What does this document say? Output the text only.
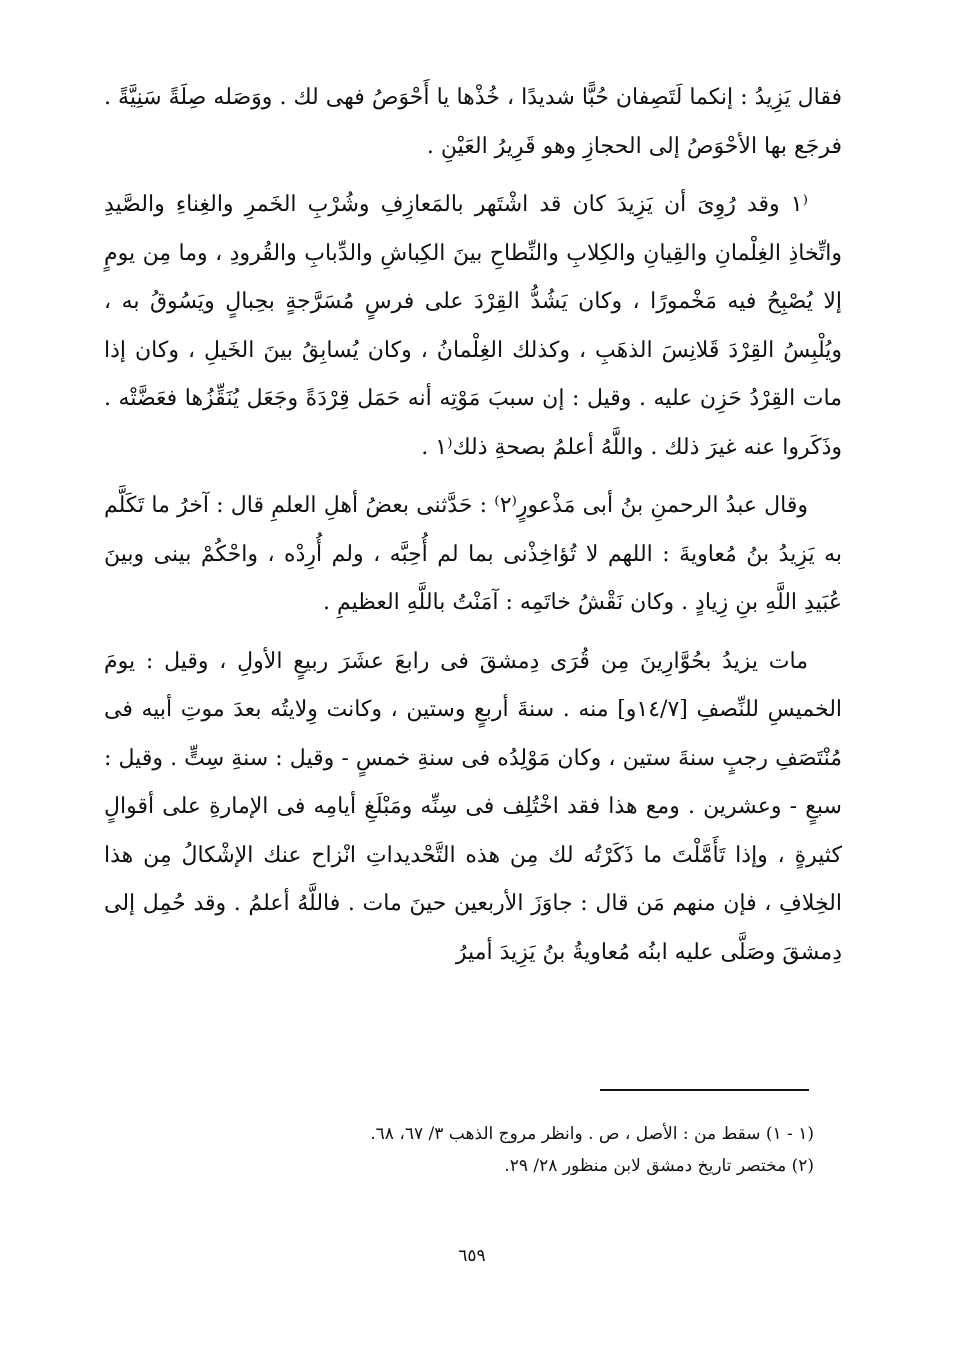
فقال يَزِيدُ : إنكما لَتَصِفان حُبًّا شديدًا ، خُذْها يا أَحْوَصُ فهى لك . ووَصَله صِلَةً سَنِيَّةً . فرجَع بها الأحْوَصُ إلى الحجازِ وهو قَرِيرُ العَيْنِ .

⁽١ وقد رُوِىَ أن يَزِيدَ كان قد اشْتَهر بالمَعازِفِ وشُرْبِ الخَمرِ والغِناءِ والصَّيدِ واتِّخاذِ الغِلْمانِ والقِيانِ والكِلابِ والنِّطاحِ بينَ الكِباشِ والدِّبابِ والقُرودِ ، وما مِن يومٍ إلا يُصْبِحُ فيه مَخْمورًا ، وكان يَشُدُّ القِرْدَ على فرسٍ مُسَرَّجةٍ بحِبالٍ ويَسُوقُ به ، ويُلْبِسُ القِرْدَ قَلانِسَ الذهَبِ ، وكذلك الغِلْمانُ ، وكان يُسابِقُ بينَ الخَيلِ ، وكان إذا مات القِرْدُ حَزِن عليه . وقيل : إن سببَ مَوْتِه أنه حَمَل قِرْدَةً وجَعَل يُنَقِّزُها فعَضَّتْه . وذَكَروا عنه غيرَ ذلك . واللَّهُ أعلمُ بصحةِ ذلك⁽١ .

وقال عبدُ الرحمنِ بنُ أبى مَذْعورٍ⁽٢⁾ : حَدَّثنى بعضُ أهلِ العلمِ قال : آخرُ ما تَكَلَّم به يَزِيدُ بنُ مُعاويةَ : اللهم لا تُؤاخِذْنى بما لم أُحِبَّه ، ولم أُرِدْه ، واحْكُمْ بينى وبينَ عُبَيدِ اللَّهِ بنِ زِيادٍ . وكان نَقْشُ خاتَمِه : آمَنْتُ باللَّهِ العظيمِ .

مات يزيدُ بحُوَّارِينَ مِن قُرَى دِمشقَ فى رابعَ عشَرَ ربيعٍ الأولِ ، وقيل : يومَ الخميسِ للنِّصفِ [١٤/٧و] منه . سنةَ أربعٍ وستين ، وكانت وِلايتُه بعدَ موتِ أبيه فى مُنْتَصَفِ رجبٍ سنةَ ستين ، وكان مَوْلِدُه فى سنةِ خمسٍ - وقيل : سنةِ سِتٍّ . وقيل : سبعٍ - وعشرين . ومع هذا فقد اخْتُلِف فى سِنِّه ومَبْلَغِ أيامِه فى الإمارةِ على أقوالٍ كثيرةٍ ، وإذا تَأَمَّلْتَ ما ذَكَرْتُه لك مِن هذه التَّحْديداتِ انْزاح عنك الإشْكالُ مِن هذا الخِلافِ ، فإن منهم مَن قال : جاوَزَ الأربعين حينَ مات . فاللَّهُ أعلمُ . وقد حُمِل إلى دِمشقَ وصَلَّى عليه ابنُه مُعاويةُ بنُ يَزِيدَ أميرُ

(١ - ١) سقط من : الأصل ، ص . وانظر مروج الذهب ٣/ ٦٧، ٦٨.
(٢) مختصر تاريخ دمشق لابن منظور ٢٨/ ٢٩.
٦٥٩
